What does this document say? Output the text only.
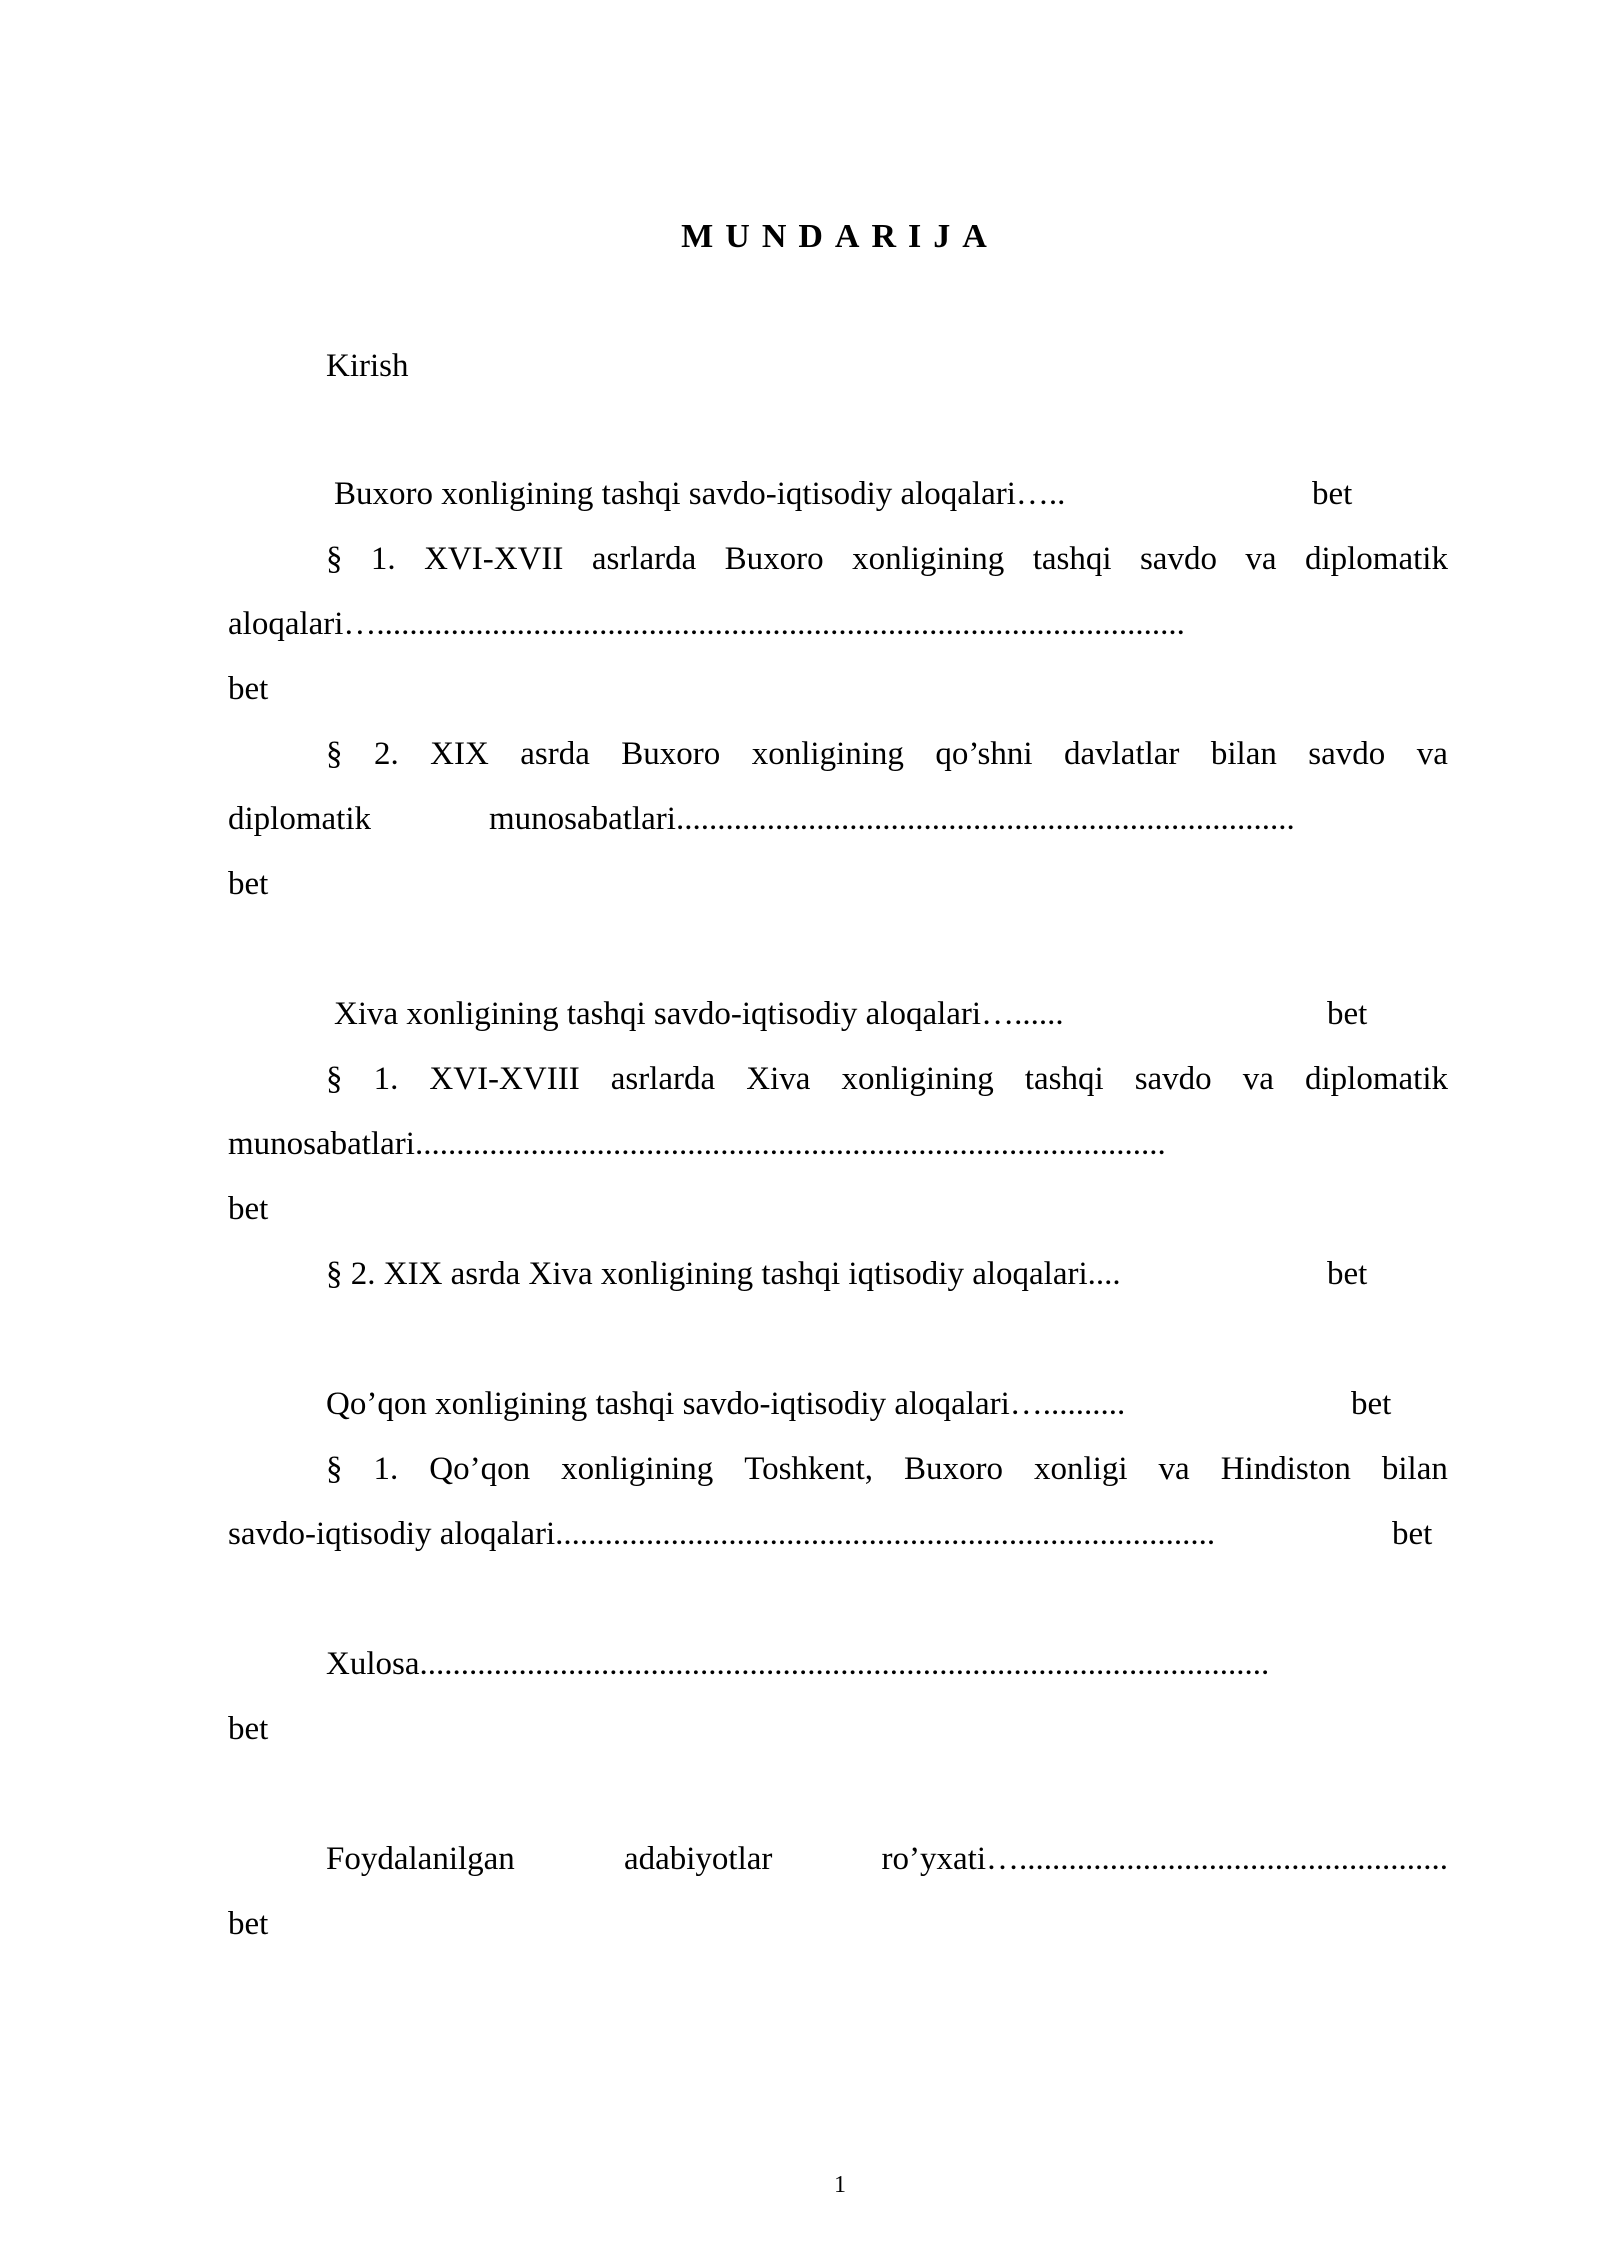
MUNDARIJA
Kirish
Buxoro xonligining tashqi savdo-iqtisodiy aloqalari…..	bet
§ 1. XVI-XVII asrlarda Buxoro xonligining tashqi savdo va diplomatik
aloqalari…..................................................................................................
bet
§ 2. XIX asrda Buxoro xonligining qo’shni davlatlar bilan savdo va
diplomatik	munosabatlari...........................................................................
bet
Xiva xonligining tashqi savdo-iqtisodiy aloqalari…......	bet
§ 1. XVI-XVIII asrlarda Xiva xonligining tashqi savdo va diplomatik
munosabatlari...........................................................................................
bet
§ 2. XIX asrda Xiva xonligining tashqi iqtisodiy aloqalari....	bet
Qo’qon xonligining tashqi savdo-iqtisodiy aloqalari…..........	bet
§ 1. Qo’qon xonligining Toshkent, Buxoro xonligi va Hindiston bilan
savdo-iqtisodiy aloqalari................................................................................	bet
Xulosa.......................................................................................................
bet
Foydalanilgan	adabiyotlar	ro’yxati…....................................................
bet
1
